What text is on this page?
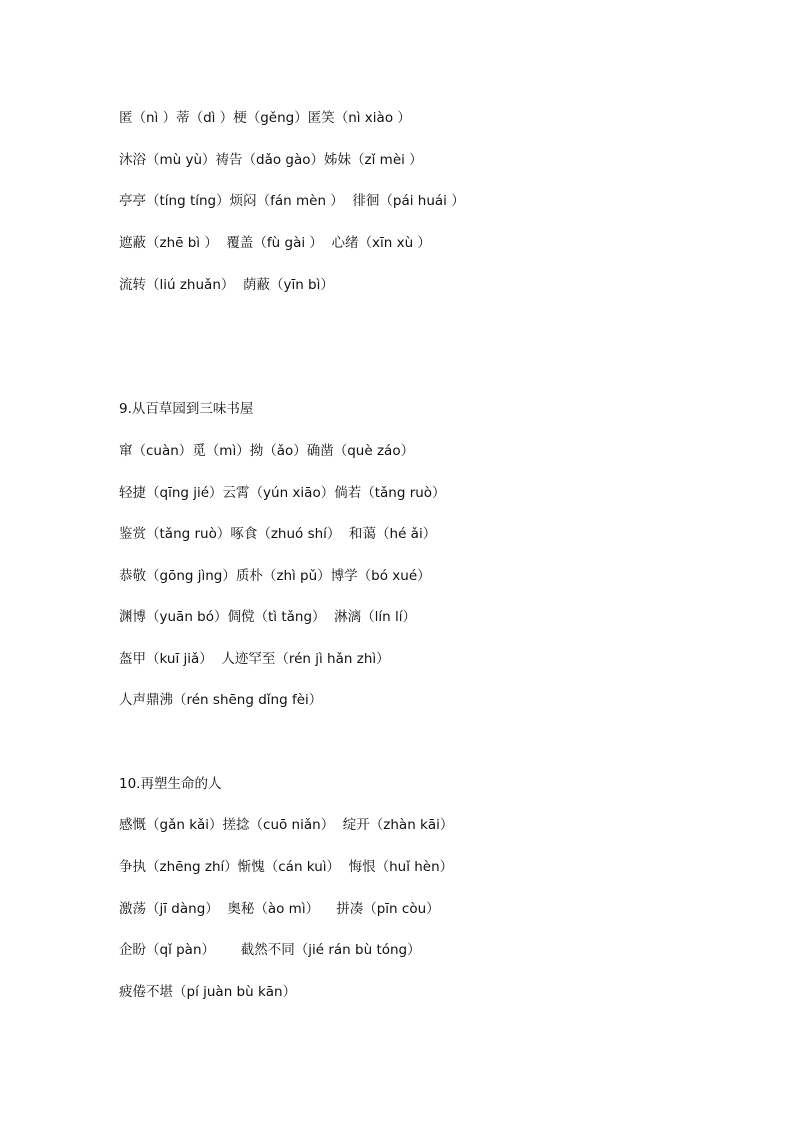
匿（nì ）蒂（dì ）梗（gěng）匿笑（nì xiào ）
沐浴（mù yù）祷告（dǎo gào）姊妹（zǐ mèi ）
亭亭（tíng tíng）烦闷（fán mèn ）  徘徊（pái huái ）
遮蔽（zhē bì ）  覆盖（fù gài ）  心绪（xīn xù ）
流转（liú zhuǎn）  荫蔽（yīn bì）
9.从百草园到三味书屋
窜（cuàn）觅（mì）拗（ǎo）确凿（què záo）
轻捷（qīng jié）云霄（yún xiāo）倘若（tǎng ruò）
鉴赏（tǎng ruò）啄食（zhuó shí）  和蔼（hé ǎi）
恭敬（gōng jìng）质朴（zhì pǔ）博学（bó xué）
渊博（yuān bó）倜傥（tì tǎng）  淋漓（lín lí）
盔甲（kuī jiǎ）  人迹罕至（rén jì hǎn zhì）
人声鼎沸（rén shēng dǐng fèi）
10.再塑生命的人
感慨（gǎn kǎi）搓捻（cuō niǎn）  绽开（zhàn kāi）
争执（zhēng zhí）惭愧（cán kuì）  悔恨（huǐ hèn）
激荡（jī dàng）  奥秘（ào mì）    拼凑（pīn còu）
企盼（qǐ pàn）      截然不同（jié rán bù tóng）
疲倦不堪（pí juàn bù kān）
